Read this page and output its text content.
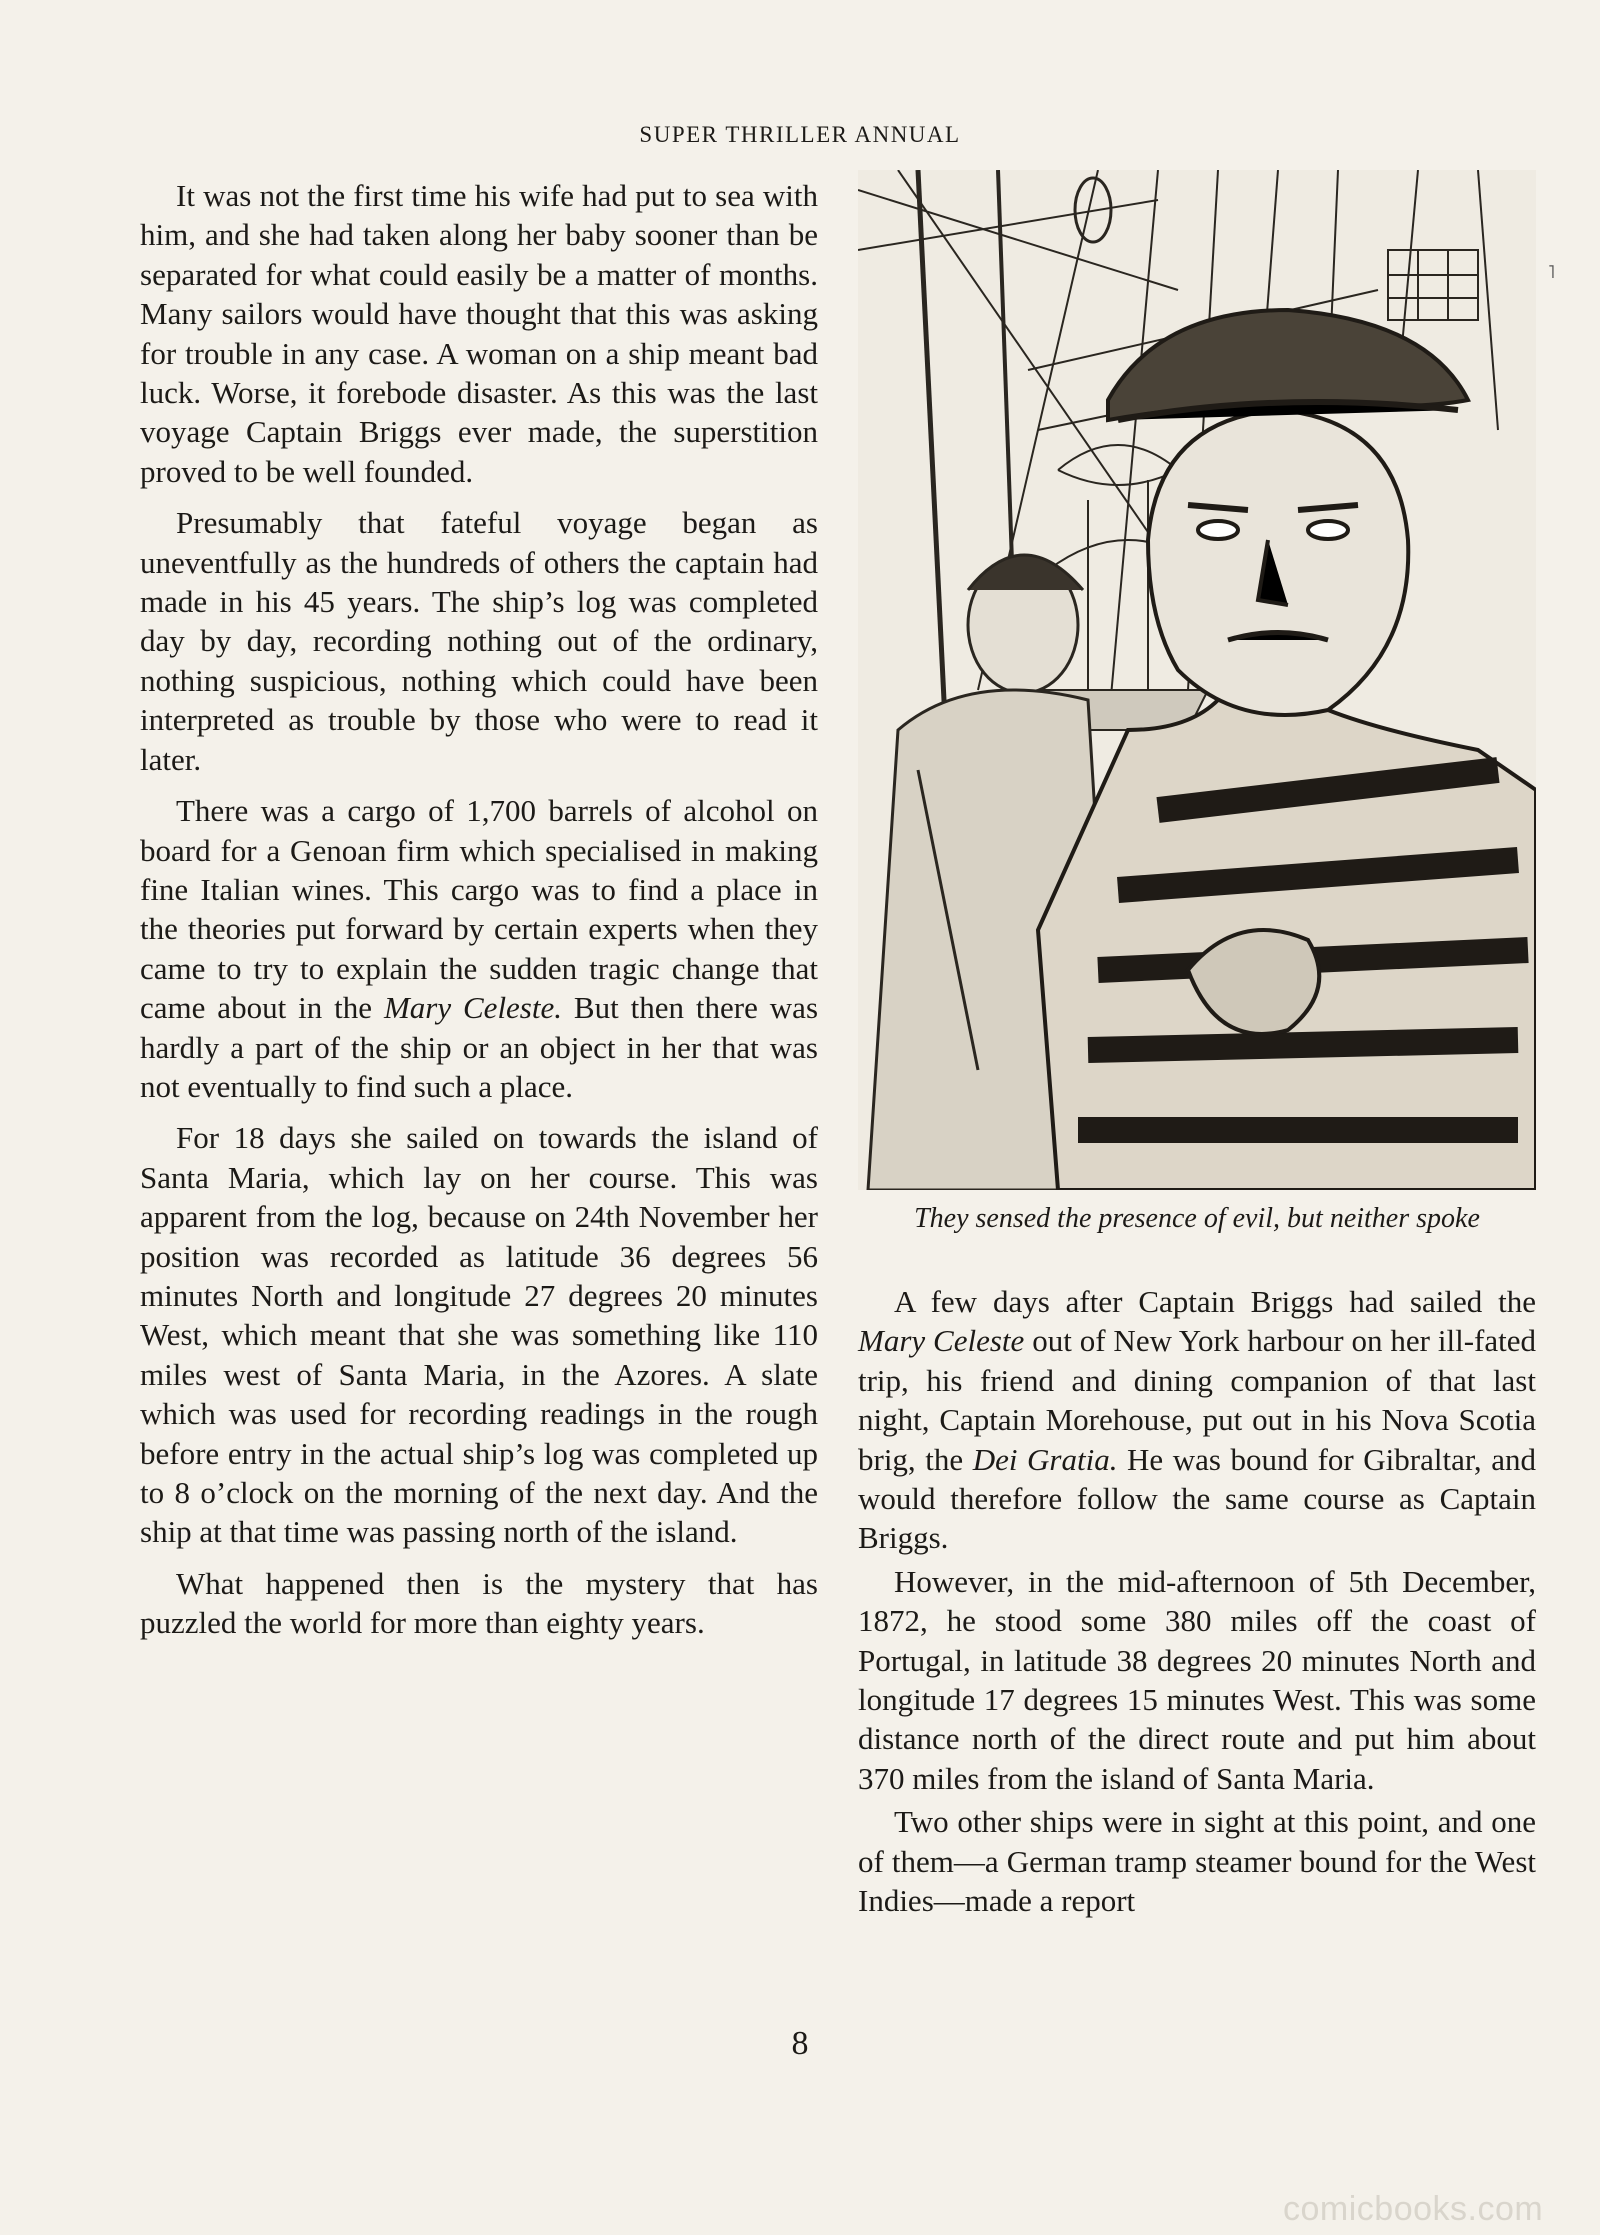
SUPER THRILLER ANNUAL
˥

It was not the first time his wife had put to sea with him, and she had taken along her baby sooner than be separated for what could easily be a matter of months. Many sailors would have thought that this was asking for trouble in any case. A woman on a ship meant bad luck. Worse, it forebode disaster. As this was the last voyage Captain Briggs ever made, the superstition proved to be well founded.

Presumably that fateful voyage began as uneventfully as the hundreds of others the captain had made in his 45 years. The ship’s log was completed day by day, recording nothing out of the ordinary, nothing suspicious, nothing which could have been interpreted as trouble by those who were to read it later.

There was a cargo of 1,700 barrels of alcohol on board for a Genoan firm which specialised in making fine Italian wines. This cargo was to find a place in the theories put forward by certain experts when they came to try to explain the sudden tragic change that came about in the Mary Celeste. But then there was hardly a part of the ship or an object in her that was not eventually to find such a place.

For 18 days she sailed on towards the island of Santa Maria, which lay on her course. This was apparent from the log, because on 24th November her position was recorded as latitude 36 degrees 56 minutes North and longitude 27 degrees 20 minutes West, which meant that she was something like 110 miles west of Santa Maria, in the Azores. A slate which was used for recording readings in the rough before entry in the actual ship’s log was completed up to 8 o’clock on the morning of the next day. And the ship at that time was passing north of the island.

What happened then is the mystery that has puzzled the world for more than eighty years.

They sensed the presence of evil, but neither spoke

A few days after Captain Briggs had sailed the Mary Celeste out of New York harbour on her ill-fated trip, his friend and dining companion of that last night, Captain Morehouse, put out in his Nova Scotia brig, the Dei Gratia. He was bound for Gibraltar, and would therefore follow the same course as Captain Briggs.

However, in the mid-afternoon of 5th December, 1872, he stood some 380 miles off the coast of Portugal, in latitude 38 degrees 20 minutes North and longitude 17 degrees 15 minutes West. This was some distance north of the direct route and put him about 370 miles from the island of Santa Maria.

Two other ships were in sight at this point, and one of them—a German tramp steamer bound for the West Indies—made a report

8
comicbooks.com
